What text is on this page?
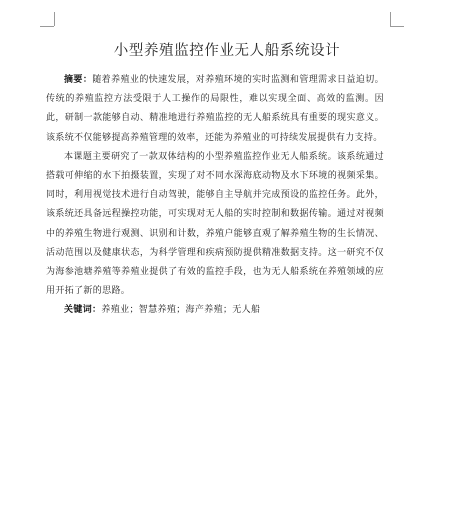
小型养殖监控作业无人船系统设计

摘要：随着养殖业的快速发展，对养殖环境的实时监测和管理需求日益迫切。传统的养殖监控方法受限于人工操作的局限性，难以实现全面、高效的监测。因此，研制一款能够自动、精准地进行养殖监控的无人船系统具有重要的现实意义。该系统不仅能够提高养殖管理的效率，还能为养殖业的可持续发展提供有力支持。

本课题主要研究了一款双体结构的小型养殖监控作业无人船系统。该系统通过搭载可伸缩的水下拍摄装置，实现了对不同水深海底动物及水下环境的视频采集。同时，利用视觉技术进行自动驾驶，能够自主导航并完成预设的监控任务。此外，该系统还具备远程操控功能，可实现对无人船的实时控制和数据传输。通过对视频中的养殖生物进行观测、识别和计数，养殖户能够直观了解养殖生物的生长情况、活动范围以及健康状态，为科学管理和疾病预防提供精准数据支持。这一研究不仅为海参池塘养殖等养殖业提供了有效的监控手段，也为无人船系统在养殖领域的应用开拓了新的思路。

关键词：养殖业；智慧养殖；海产养殖；无人船
